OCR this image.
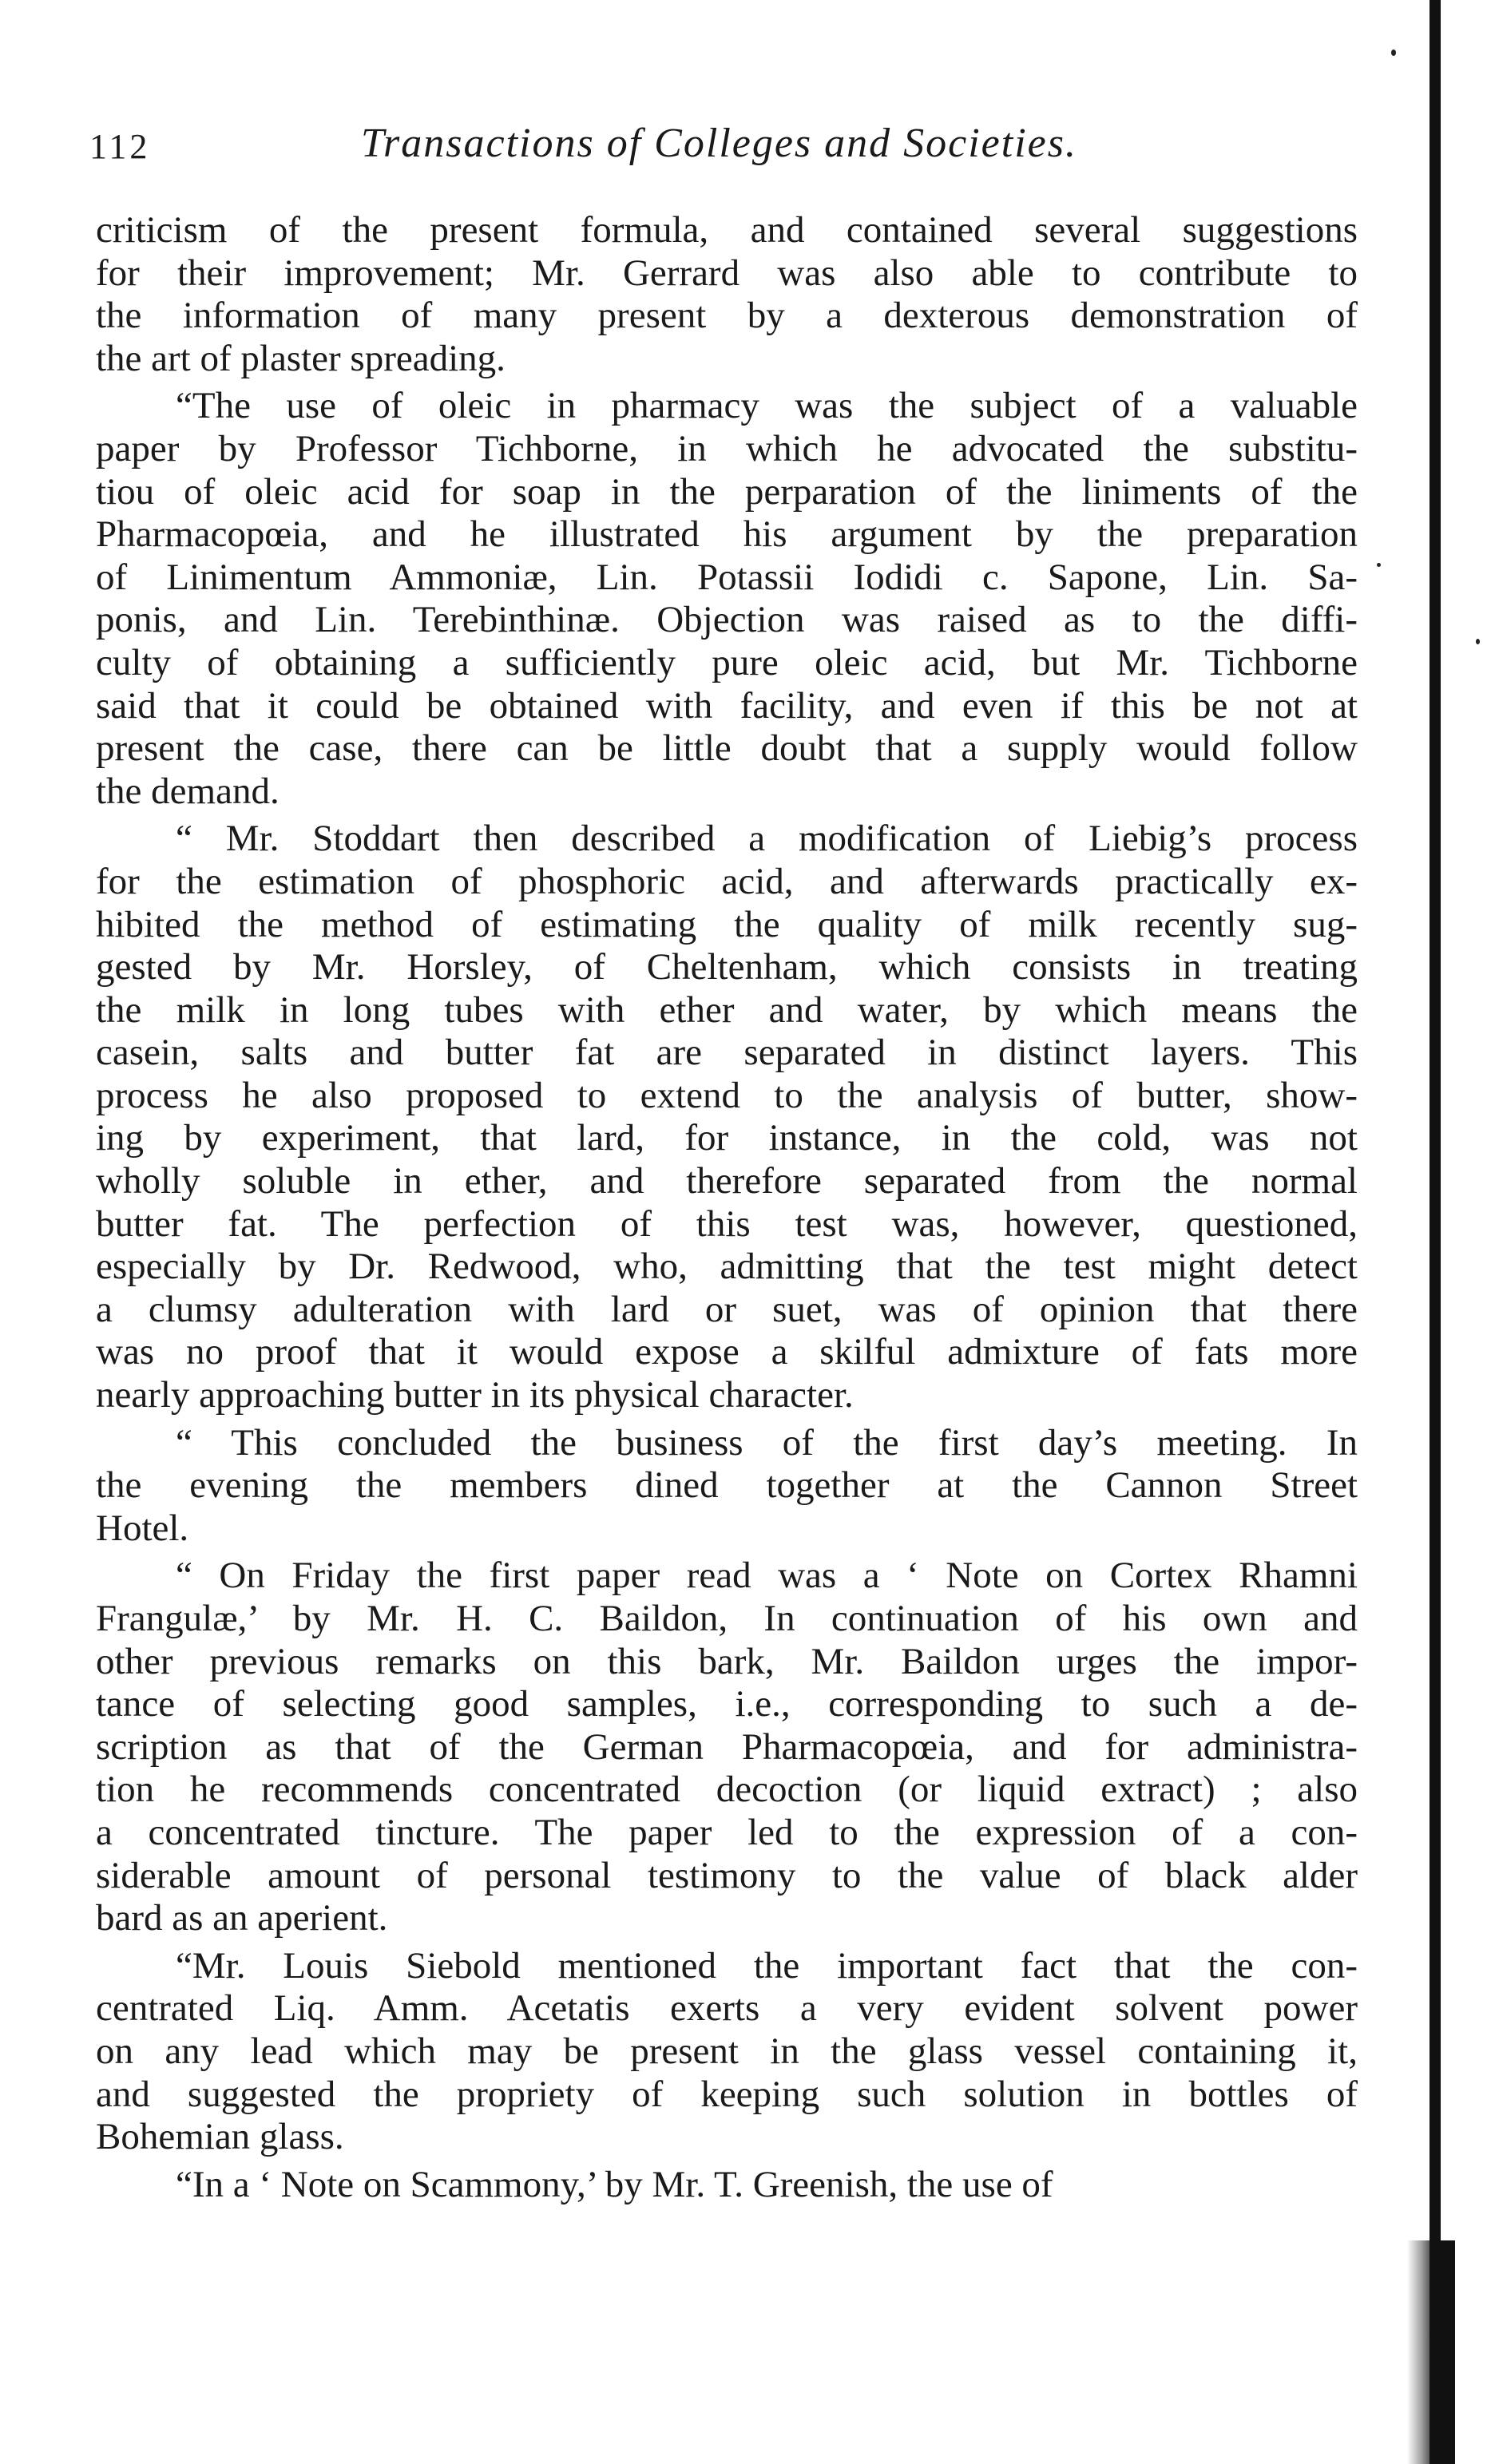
112	Transactions of Colleges and Societies.
criticism of the present formula, and contained several suggestions
for their improvement; Mr. Gerrard was also able to contribute to
the information of many present by a dexterous demonstration of
the art of plaster spreading.
“The use of oleic in pharmacy was the subject of a valuable
paper by Professor Tichborne, in which he advocated the substitu-
tiou of oleic acid for soap in the perparation of the liniments of the
Pharmacopœia, and he illustrated his argument by the preparation
of Linimentum Ammoniæ, Lin. Potassii Iodidi c. Sapone, Lin. Sa-
ponis, and Lin. Terebinthinæ. Objection was raised as to the diffi-
culty of obtaining a sufficiently pure oleic acid, but Mr. Tichborne
said that it could be obtained with facility, and even if this be not at
present the case, there can be little doubt that a supply would follow
the demand.
“ Mr. Stoddart then described a modification of Liebig’s process
for the estimation of phosphoric acid, and afterwards practically ex-
hibited the method of estimating the quality of milk recently sug-
gested by Mr. Horsley, of Cheltenham, which consists in treating
the milk in long tubes with ether and water, by which means the
casein, salts and butter fat are separated in distinct layers. This
process he also proposed to extend to the analysis of butter, show-
ing by experiment, that lard, for instance, in the cold, was not
wholly soluble in ether, and therefore separated from the normal
butter fat. The perfection of this test was, however, questioned,
especially by Dr. Redwood, who, admitting that the test might detect
a clumsy adulteration with lard or suet, was of opinion that there
was no proof that it would expose a skilful admixture of fats more
nearly approaching butter in its physical character.
“ This concluded the business of the first day’s meeting. In
the evening the members dined together at the Cannon Street
Hotel.
“ On Friday the first paper read was a ‘ Note on Cortex Rhamni
Frangulæ,’ by Mr. H. C. Baildon, In continuation of his own and
other previous remarks on this bark, Mr. Baildon urges the impor-
tance of selecting good samples, i.e., corresponding to such a de-
scription as that of the German Pharmacopœia, and for administra-
tion he recommends concentrated decoction (or liquid extract) ; also
a concentrated tincture. The paper led to the expression of a con-
siderable amount of personal testimony to the value of black alder
bard as an aperient.
“Mr. Louis Siebold mentioned the important fact that the con-
centrated Liq. Amm. Acetatis exerts a very evident solvent power
on any lead which may be present in the glass vessel containing it,
and suggested the propriety of keeping such solution in bottles of
Bohemian glass.
“In a ‘ Note on Scammony,’ by Mr. T. Greenish, the use of
